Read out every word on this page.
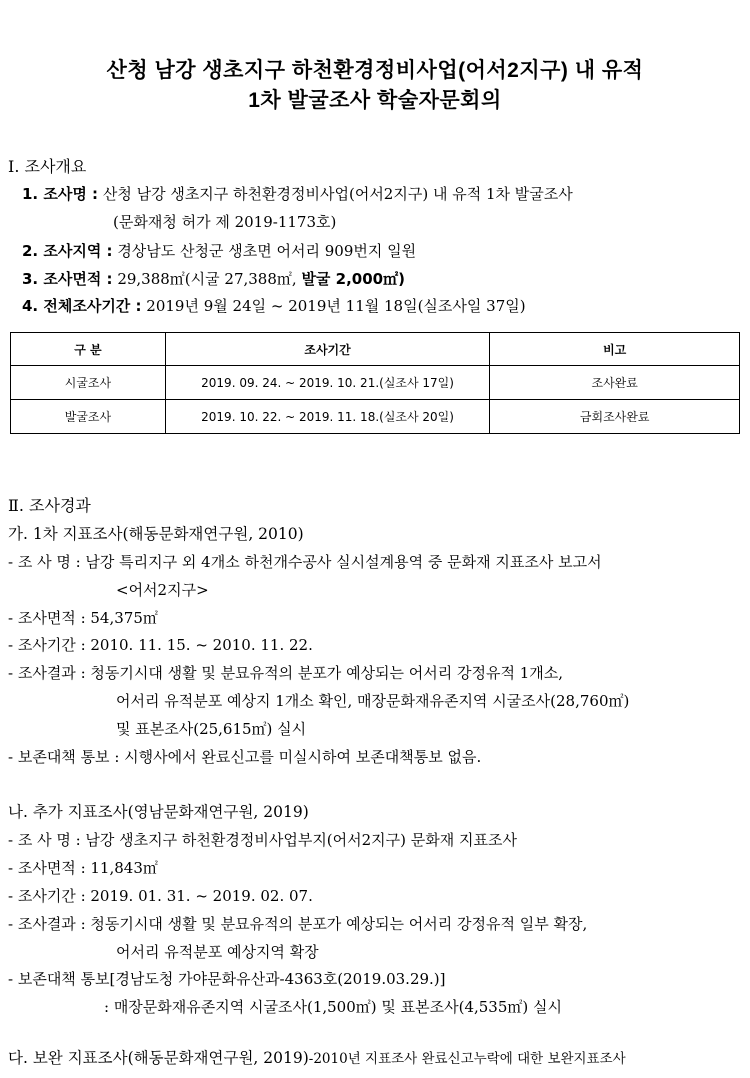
산청 남강 생초지구 하천환경정비사업(어서2지구) 내 유적
1차 발굴조사 학술자문회의
Ⅰ. 조사개요
1. 조사명 : 산청 남강 생초지구 하천환경정비사업(어서2지구) 내 유적 1차 발굴조사
(문화재청 허가 제 2019-1173호)
2. 조사지역 : 경상남도 산청군 생초면 어서리 909번지 일원
3. 조사면적 : 29,388㎡(시굴 27,388㎡, 발굴 2,000㎡)
4. 전체조사기간 : 2019년 9월 24일 ~ 2019년 11월 18일(실조사일 37일)
구 분	조사기간	비고
시굴조사	2019. 09. 24. ~ 2019. 10. 21.(실조사 17일)	조사완료
발굴조사	2019. 10. 22. ~ 2019. 11. 18.(실조사 20일)	금회조사완료
Ⅱ. 조사경과
가. 1차 지표조사(해동문화재연구원, 2010)
- 조 사 명 : 남강 특리지구 외 4개소 하천개수공사 실시설계용역 중 문화재 지표조사 보고서
<어서2지구>
- 조사면적 : 54,375㎡
- 조사기간 : 2010. 11. 15. ~ 2010. 11. 22.
- 조사결과 : 청동기시대 생활 및 분묘유적의 분포가 예상되는 어서리 강정유적 1개소,
어서리 유적분포 예상지 1개소 확인, 매장문화재유존지역 시굴조사(28,760㎡)
및 표본조사(25,615㎡) 실시
- 보존대책 통보 : 시행사에서 완료신고를 미실시하여 보존대책통보 없음.
나. 추가 지표조사(영남문화재연구원, 2019)
- 조 사 명 : 남강 생초지구 하천환경정비사업부지(어서2지구) 문화재 지표조사
- 조사면적 : 11,843㎡
- 조사기간 : 2019. 01. 31. ~ 2019. 02. 07.
- 조사결과 : 청동기시대 생활 및 분묘유적의 분포가 예상되는 어서리 강정유적 일부 확장,
어서리 유적분포 예상지역 확장
- 보존대책 통보[경남도청 가야문화유산과-4363호(2019.03.29.)]
: 매장문화재유존지역 시굴조사(1,500㎡) 및 표본조사(4,535㎡) 실시
다. 보완 지표조사(해동문화재연구원, 2019)-2010년 지표조사 완료신고누락에 대한 보완지표조사
